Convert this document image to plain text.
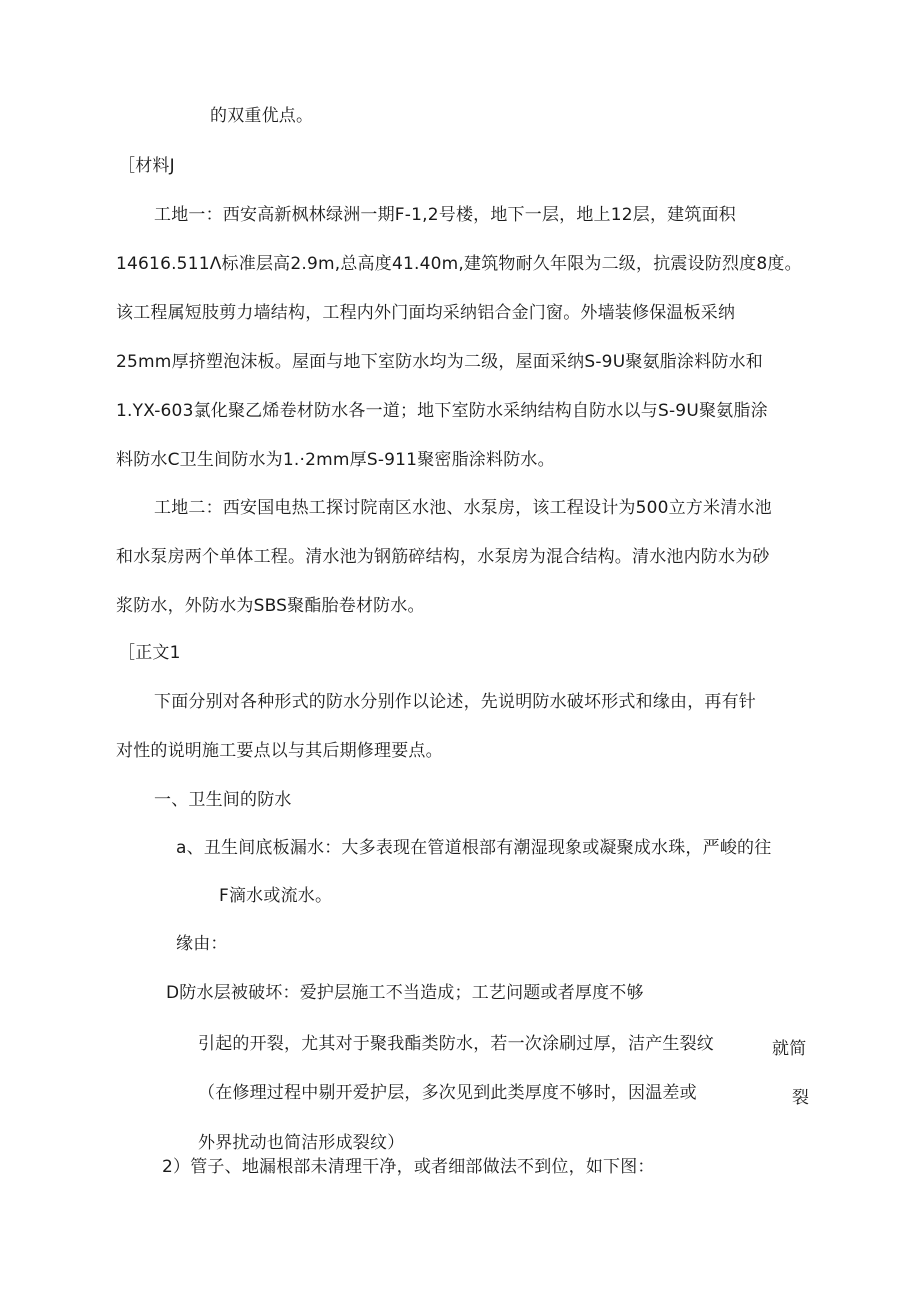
的双重优点。
［材料J
工地一：西安高新枫林绿洲一期F-1,2号楼，地下一层，地上12层，建筑面积
14616.511Λ标准层高2.9m,总高度41.40m,建筑物耐久年限为二级，抗震设防烈度8度。
该工程属短肢剪力墙结构，工程内外门面均采纳铝合金门窗。外墙装修保温板采纳
25mm厚挤塑泡沫板。屋面与地下室防水均为二级，屋面采纳S-9U聚氨脂涂料防水和
1.YX-603氯化聚乙烯卷材防水各一道；地下室防水采纳结构自防水以与S-9U聚氨脂涂
料防水C卫生间防水为1.·2mm厚S-911聚密脂涂料防水。
工地二：西安国电热工探讨院南区水池、水泵房，该工程设计为500立方米清水池
和水泵房两个单体工程。清水池为钢筋碎结构，水泵房为混合结构。清水池内防水为砂
浆防水，外防水为SBS聚酯胎卷材防水。
［正文1
下面分别对各种形式的防水分别作以论述，先说明防水破坏形式和缘由，再有针
对性的说明施工要点以与其后期修理要点。
一、卫生间的防水
a、丑生间底板漏水：大多表现在管道根部有潮湿现象或凝聚成水珠，严峻的往
F滴水或流水。
缘由：
D防水层被破坏：爱护层施工不当造成；工艺问题或者厚度不够
引起的开裂，尤其对于聚我酯类防水，若一次涂刷过厚，洁产生裂纹
（在修理过程中剔开爱护层，多次见到此类厚度不够时，因温差或
外界扰动也简洁形成裂纹）
2）管子、地漏根部未清理干净，或者细部做法不到位，如下图：
就简
裂
